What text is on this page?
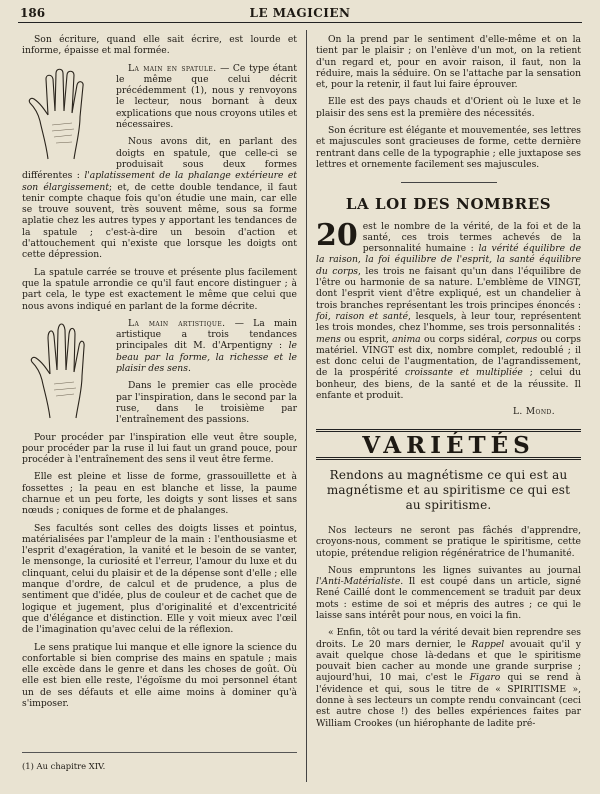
186	LE MAGICIEN

Son écriture, quand elle sait écrire, est lourde et informe, épaisse et mal formée.

La main en spatule. — Ce type étant le même que celui décrit précédemment (1), nous y renvoyons le lecteur, nous bornant à deux explications que nous croyons utiles et nécessaires.

Nous avons dit, en parlant des doigts en spatule, que celle-ci se produisait sous deux formes différentes : l'aplatissement de la phalange extérieure et son élargissement; et, de cette double tendance, il faut tenir compte chaque fois qu'on étudie une main, car elle se trouve souvent, très souvent même, sous sa forme aplatie chez les autres types y apportant les tendances de la spatule ; c'est-à-dire un besoin d'action et d'attouchement qui n'existe que lorsque les doigts ont cette dépression.

La spatule carrée se trouve et présente plus facilement que la spatule arrondie ce qu'il faut encore distinguer ; à part cela, le type est exactement le même que celui que nous avons indiqué en parlant de la forme décrite.

La main artistique. — La main artistique a trois tendances principales dit M. d'Arpentigny : le beau par la forme, la richesse et le plaisir des sens.

Dans le premier cas elle procède par l'inspiration, dans le second par la ruse, dans le troisième par l'entraînement des passions.

Pour procéder par l'inspiration elle veut être souple, pour procéder par la ruse il lui faut un grand pouce, pour procéder à l'entraînement des sens il veut être ferme.

Elle est pleine et lisse de forme, grassouillette et à fossettes ; la peau en est blanche et lisse, la paume charnue et un peu forte, les doigts y sont lisses et sans nœuds ; coniques de forme et de phalanges.

Ses facultés sont celles des doigts lisses et pointus, matérialisées par l'ampleur de la main : l'enthousiasme et l'esprit d'exagération, la vanité et le besoin de se vanter, le mensonge, la curiosité et l'erreur, l'amour du luxe et du clinquant, celui du plaisir et de la dépense sont d'elle ; elle manque d'ordre, de calcul et de prudence, a plus de sentiment que d'idée, plus de couleur et de cachet que de logique et jugement, plus d'originalité et d'excentricité que d'élégance et distinction. Elle y voit mieux avec l'œil de l'imagination qu'avec celui de la réflexion.

Le sens pratique lui manque et elle ignore la science du confortable si bien comprise des mains en spatule ; mais elle excède dans le genre et dans les choses de goût. Où elle est bien elle reste, l'égoïsme du moi personnel étant un de ses défauts et elle aime moins à dominer qu'à s'imposer.

(1) Au chapitre XIV.

On la prend par le sentiment d'elle-même et on la tient par le plaisir ; on l'enlève d'un mot, on la retient d'un regard et, pour en avoir raison, il faut, non la réduire, mais la séduire. On se l'attache par la sensation et, pour la retenir, il faut lui faire éprouver.

Elle est des pays chauds et d'Orient où le luxe et le plaisir des sens est la première des nécessités.

Son écriture est élégante et mouvementée, ses lettres et majuscules sont gracieuses de forme, cette dernière rentrant dans celle de la typographie ; elle juxtapose ses lettres et ornemente facilement ses majuscules.

LA LOI DES NOMBRES

20 est le nombre de la vérité, de la foi et de la santé, ces trois termes achevés de la personnalité humaine : la vérité équilibre de la raison, la foi équilibre de l'esprit, la santé équilibre du corps, les trois ne faisant qu'un dans l'équilibre de l'être ou harmonie de sa nature. L'emblème de VINGT, dont l'esprit vient d'être expliqué, est un chandelier à trois branches représentant les trois principes énoncés : foi, raison et santé, lesquels, à leur tour, représentent les trois mondes, chez l'homme, ses trois personnalités : mens ou esprit, anima ou corps sidéral, corpus ou corps matériel. VINGT est dix, nombre complet, redoublé ; il est donc celui de l'augmentation, de l'agrandissement, de la prospérité croissante et multipliée ; celui du bonheur, des biens, de la santé et de la réussite. Il enfante et produit.

L. Mond.
VARIÉTÉS
Rendons au magnétisme ce qui est au magnétisme et au spiritisme ce qui est au spiritisme.

Nos lecteurs ne seront pas fâchés d'apprendre, croyons-nous, comment se pratique le spiritisme, cette utopie, prétendue religion régénératrice de l'humanité.

Nous empruntons les lignes suivantes au journal l'Anti-Matérialiste. Il est coupé dans un article, signé René Caillé dont le commencement se traduit par deux mots : estime de soi et mépris des autres ; ce qui le laisse sans intérêt pour nous, en voici la fin.

« Enfin, tôt ou tard la vérité devait bien reprendre ses droits. Le 20 mars dernier, le Rappel avouait qu'il y avait quelque chose là-dedans et que le spiritisme pouvait bien cacher au monde une grande surprise ; aujourd'hui, 10 mai, c'est le Figaro qui se rend à l'évidence et qui, sous le titre de « SPIRITISME », donne à ses lecteurs un compte rendu convaincant (ceci est autre chose !) des belles expériences faites par William Crookes (un hiérophante de ladite pré-
